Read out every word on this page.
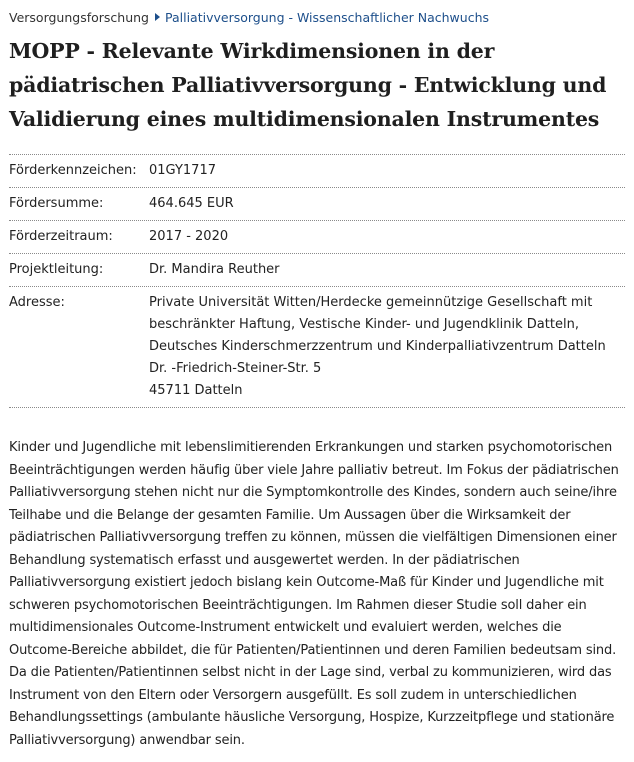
Versorgungsforschung Palliativversorgung - Wissenschaftlicher Nachwuchs
MOPP - Relevante Wirkdimensionen in der pädiatrischen Palliativversorgung - Entwicklung und Validierung eines multidimensionalen Instrumentes
Förderkennzeichen: 01GY1717
Fördersumme:	464.645 EUR
Förderzeitraum:	2017 - 2020
Projektleitung:	Dr. Mandira Reuther
Adresse:	Private Universität Witten/Herdecke gemeinnützige Gesellschaft mit
beschränkter Haftung, Vestische Kinder- und Jugendklinik Datteln,
Deutsches Kinderschmerzzentrum und Kinderpalliativzentrum Datteln
Dr. -Friedrich-Steiner-Str. 5
45711 Datteln

Kinder und Jugendliche mit lebenslimitierenden Erkrankungen und starken psychomotorischen Beeinträchtigungen werden häufig über viele Jahre palliativ betreut. Im Fokus der pädiatrischen Palliativversorgung stehen nicht nur die Symptomkontrolle des Kindes, sondern auch seine/ihre Teilhabe und die Belange der gesamten Familie. Um Aussagen über die Wirksamkeit der pädiatrischen Palliativversorgung treffen zu können, müssen die vielfältigen Dimensionen einer Behandlung systematisch erfasst und ausgewertet werden. In der pädiatrischen Palliativversorgung existiert jedoch bislang kein Outcome-Maß für Kinder und Jugendliche mit schweren psychomotorischen Beeinträchtigungen. Im Rahmen dieser Studie soll daher ein multidimensionales Outcome-Instrument entwickelt und evaluiert werden, welches die Outcome-Bereiche abbildet, die für Patienten/Patientinnen und deren Familien bedeutsam sind. Da die Patienten/Patientinnen selbst nicht in der Lage sind, verbal zu kommunizieren, wird das Instrument von den Eltern oder Versorgern ausgefüllt. Es soll zudem in unterschiedlichen Behandlungssettings (ambulante häusliche Versorgung, Hospize, Kurzzeitpflege und stationäre Palliativversorgung) anwendbar sein.
